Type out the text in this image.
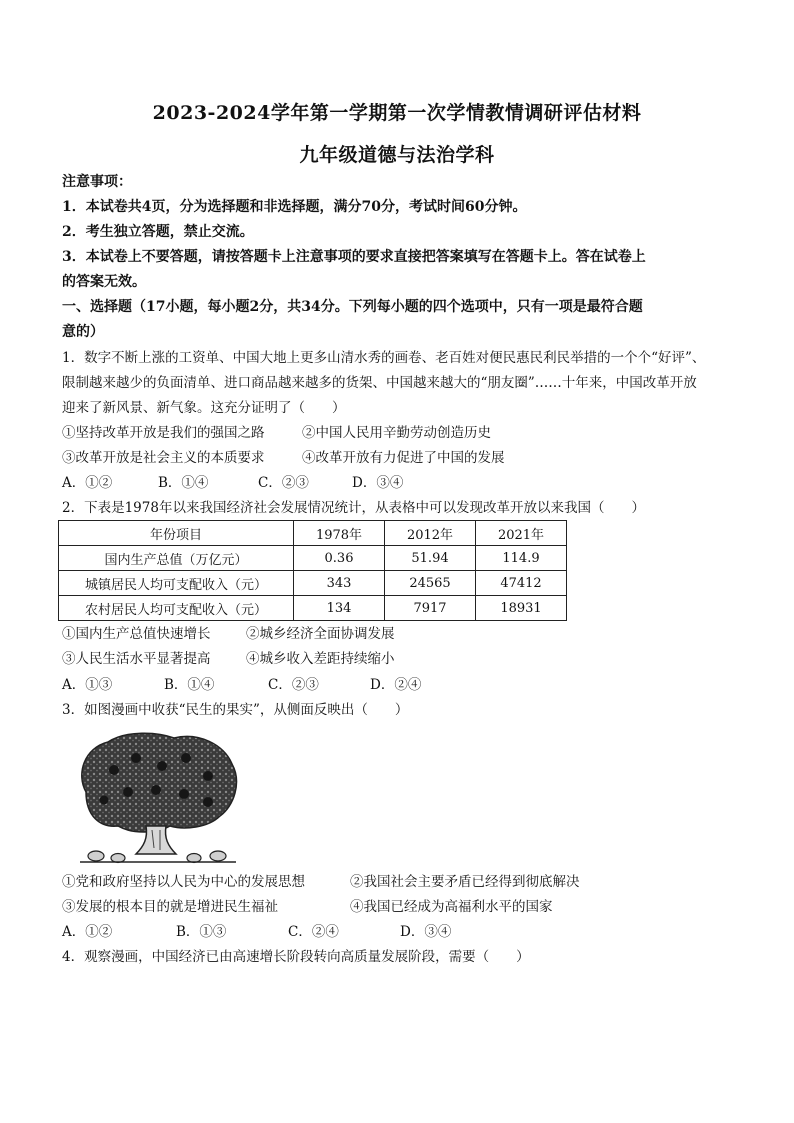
2023-2024学年第一学期第一次学情教情调研评估材料
九年级道德与法治学科
注意事项：
1．本试卷共4页，分为选择题和非选择题，满分70分，考试时间60分钟。
2．考生独立答题，禁止交流。
3．本试卷上不要答题，请按答题卡上注意事项的要求直接把答案填写在答题卡上。答在试卷上
的答案无效。
一、选择题（17小题，每小题2分，共34分。下列每小题的四个选项中，只有一项是最符合题
意的）
1．数字不断上涨的工资单、中国大地上更多山清水秀的画卷、老百姓对便民惠民利民举措的一个个“好评”、
限制越来越少的负面清单、进口商品越来越多的货架、中国越来越大的“朋友圈”……十年来，中国改革开放
迎来了新风景、新气象。这充分证明了（　　）
①坚持改革开放是我们的强国之路	②中国人民用辛勤劳动创造历史
③改革开放是社会主义的本质要求	④改革开放有力促进了中国的发展
A．①②	B．①④	C．②③	D．③④
2．下表是1978年以来我国经济社会发展情况统计，从表格中可以发现改革开放以来我国（　　）
年份项目	1978年	2012年	2021年
国内生产总值（万亿元）	0.36	51.94	114.9
城镇居民人均可支配收入（元）	343	24565	47412
农村居民人均可支配收入（元）	134	7917	18931
①国内生产总值快速增长	②城乡经济全面协调发展
③人民生活水平显著提高	④城乡收入差距持续缩小
A．①③	B．①④	C．②③	D．②④
3．如图漫画中收获“民生的果实”，从侧面反映出（　　）
①党和政府坚持以人民为中心的发展思想	②我国社会主要矛盾已经得到彻底解决
③发展的根本目的就是增进民生福祉	④我国已经成为高福利水平的国家
A．①②	B．①③	C．②④	D．③④
4．观察漫画，中国经济已由高速增长阶段转向高质量发展阶段，需要（　　）
